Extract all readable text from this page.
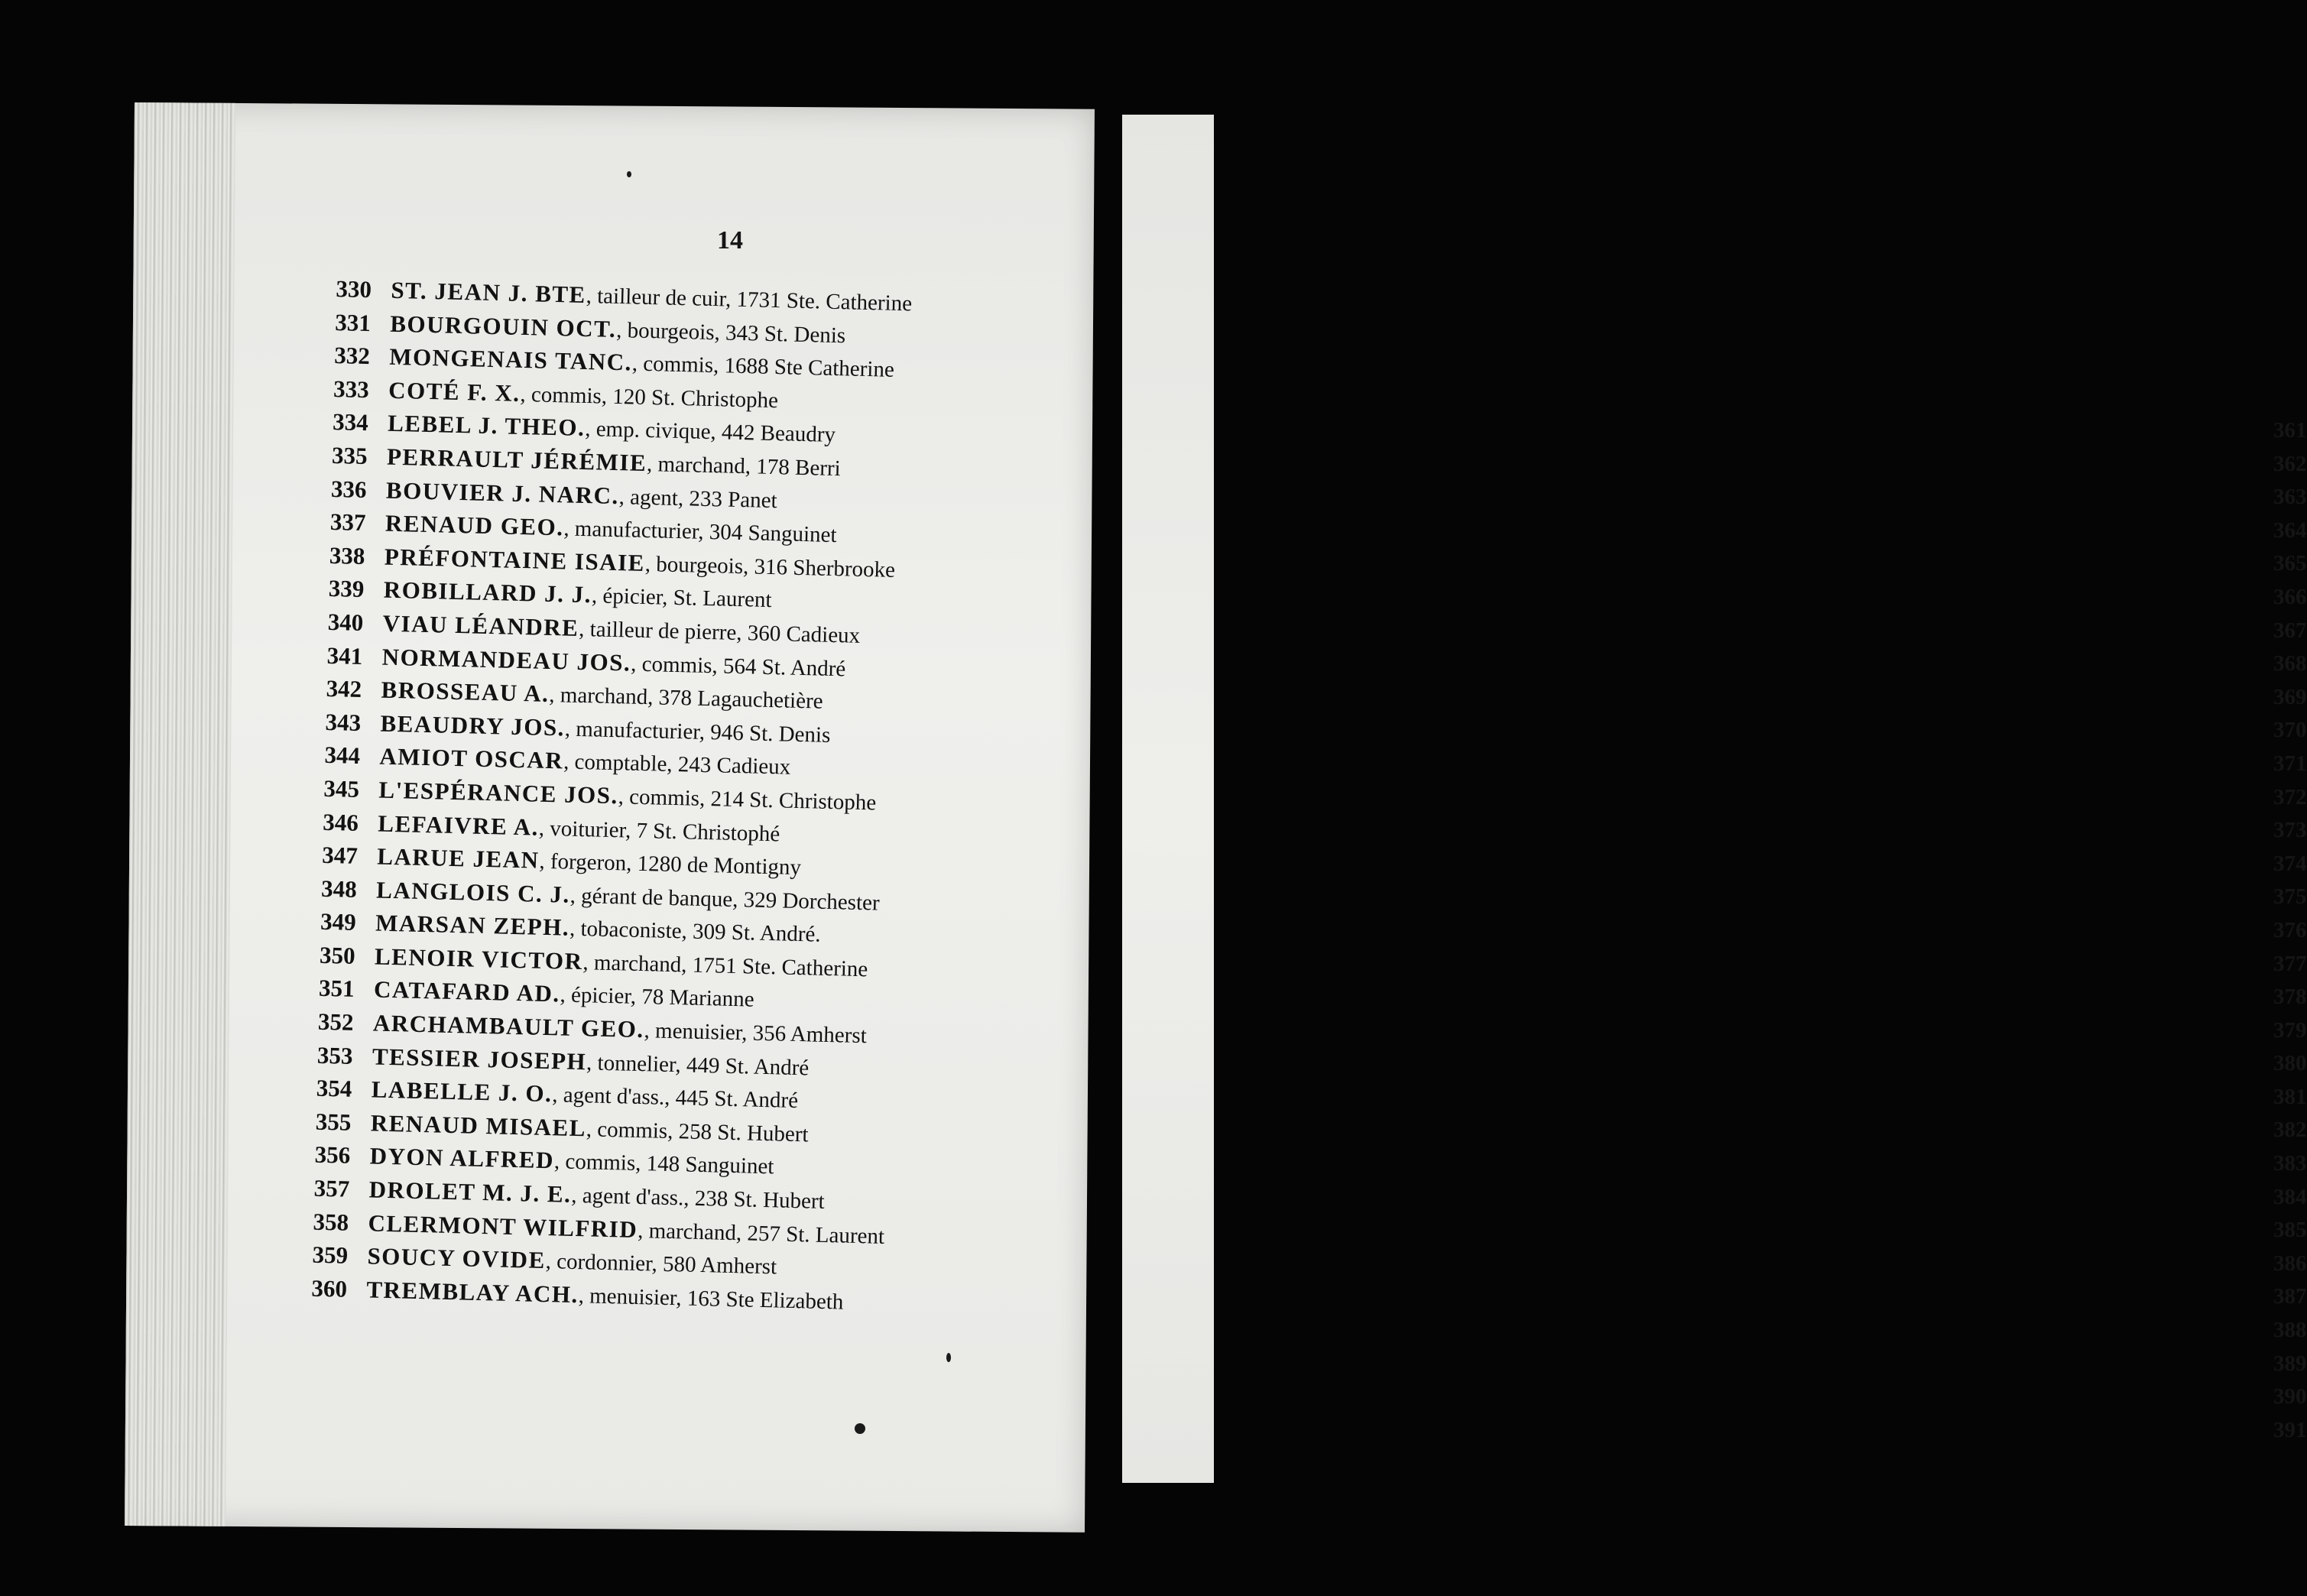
361
362
363
364
365
366
367
368
369
370
371
372
373
374
375
376
377
378
379
380
381
382
383
384
385
386
387
388
389
390
391
14
330 ST. JEAN J. BTE, tailleur de cuir, 1731 Ste. Catherine
331 BOURGOUIN OCT., bourgeois, 343 St. Denis
332 MONGENAIS TANC., commis, 1688 Ste Catherine
333 COTÉ F. X., commis, 120 St. Christophe
334 LEBEL J. THEO., emp. civique, 442 Beaudry
335 PERRAULT JÉRÉMIE, marchand, 178 Berri
336 BOUVIER J. NARC., agent, 233 Panet
337 RENAUD GEO., manufacturier, 304 Sanguinet
338 PRÉFONTAINE ISAIE, bourgeois, 316 Sherbrooke
339 ROBILLARD J. J., épicier, St. Laurent
340 VIAU LÉANDRE, tailleur de pierre, 360 Cadieux
341 NORMANDEAU JOS., commis, 564 St. André
342 BROSSEAU A., marchand, 378 Lagauchetière
343 BEAUDRY JOS., manufacturier, 946 St. Denis
344 AMIOT OSCAR, comptable, 243 Cadieux
345 L'ESPÉRANCE JOS., commis, 214 St. Christophe
346 LEFAIVRE A., voiturier, 7 St. Christophé
347 LARUE JEAN, forgeron, 1280 de Montigny
348 LANGLOIS C. J., gérant de banque, 329 Dorchester
349 MARSAN ZEPH., tobaconiste, 309 St. André.
350 LENOIR VICTOR, marchand, 1751 Ste. Catherine
351 CATAFARD AD., épicier, 78 Marianne
352 ARCHAMBAULT GEO., menuisier, 356 Amherst
353 TESSIER JOSEPH, tonnelier, 449 St. André
354 LABELLE J. O., agent d'ass., 445 St. André
355 RENAUD MISAEL, commis, 258 St. Hubert
356 DYON ALFRED, commis, 148 Sanguinet
357 DROLET M. J. E., agent d'ass., 238 St. Hubert
358 CLERMONT WILFRID, marchand, 257 St. Laurent
359 SOUCY OVIDE, cordonnier, 580 Amherst
360 TREMBLAY ACH., menuisier, 163 Ste Elizabeth
